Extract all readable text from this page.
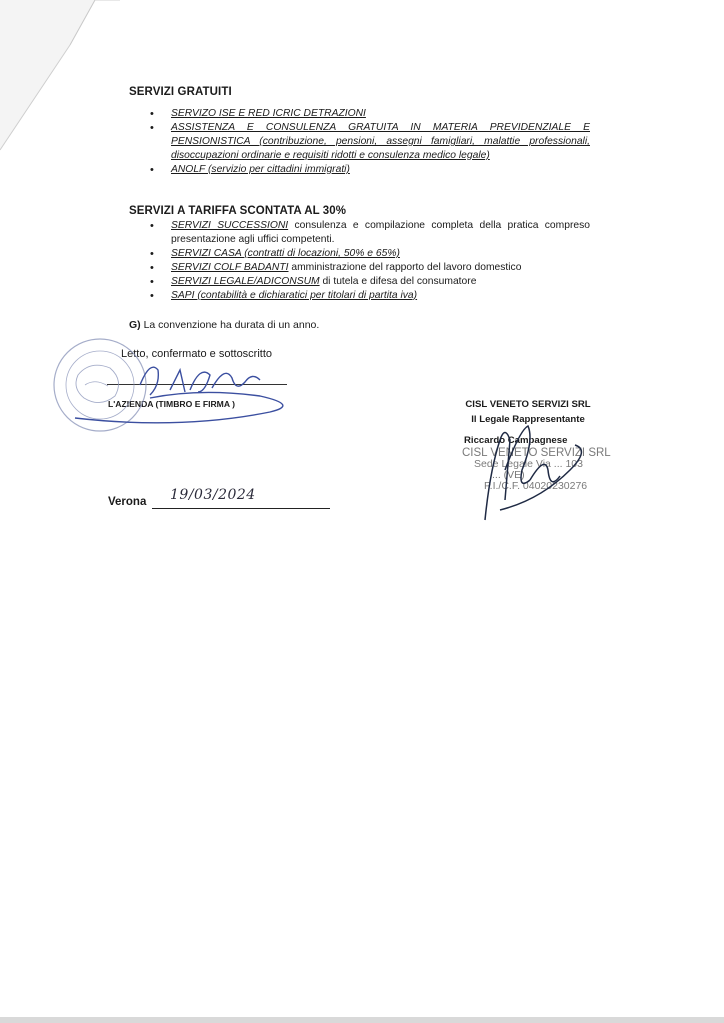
SERVIZI GRATUITI
• SERVIZO ISE E RED ICRIC DETRAZIONI
• ASSISTENZA E CONSULENZA GRATUITA IN MATERIA PREVIDENZIALE E PENSIONISTICA (contribuzione, pensioni, assegni famigliari, malattie professionali, disoccupazioni ordinarie e requisiti ridotti e consulenza medico legale)
• ANOLF (servizio per cittadini immigrati)
SERVIZI A TARIFFA SCONTATA AL 30%
• SERVIZI SUCCESSIONI consulenza e compilazione completa della pratica compreso presentazione agli uffici competenti.
• SERVIZI CASA (contratti di locazioni, 50% e 65%)
• SERVIZI COLF BADANTI amministrazione del rapporto del lavoro domestico
• SERVIZI LEGALE/ADICONSUM di tutela e difesa del consumatore
• SAPI (contabilità e dichiaratici per titolari di partita iva)
G) La convenzione ha durata di un anno.
Letto, confermato e sottoscritto
L'AZIENDA (TIMBRO E FIRMA )	CISL VENETO SERVIZI SRL
Il Legale Rappresentante
Riccardo Campagnese
CISL VENETO SERVIZI SRL
Sede Legale Via ... 103
... (VE)
P.I./C.F. 04020230276
Verona 19/03/2024
